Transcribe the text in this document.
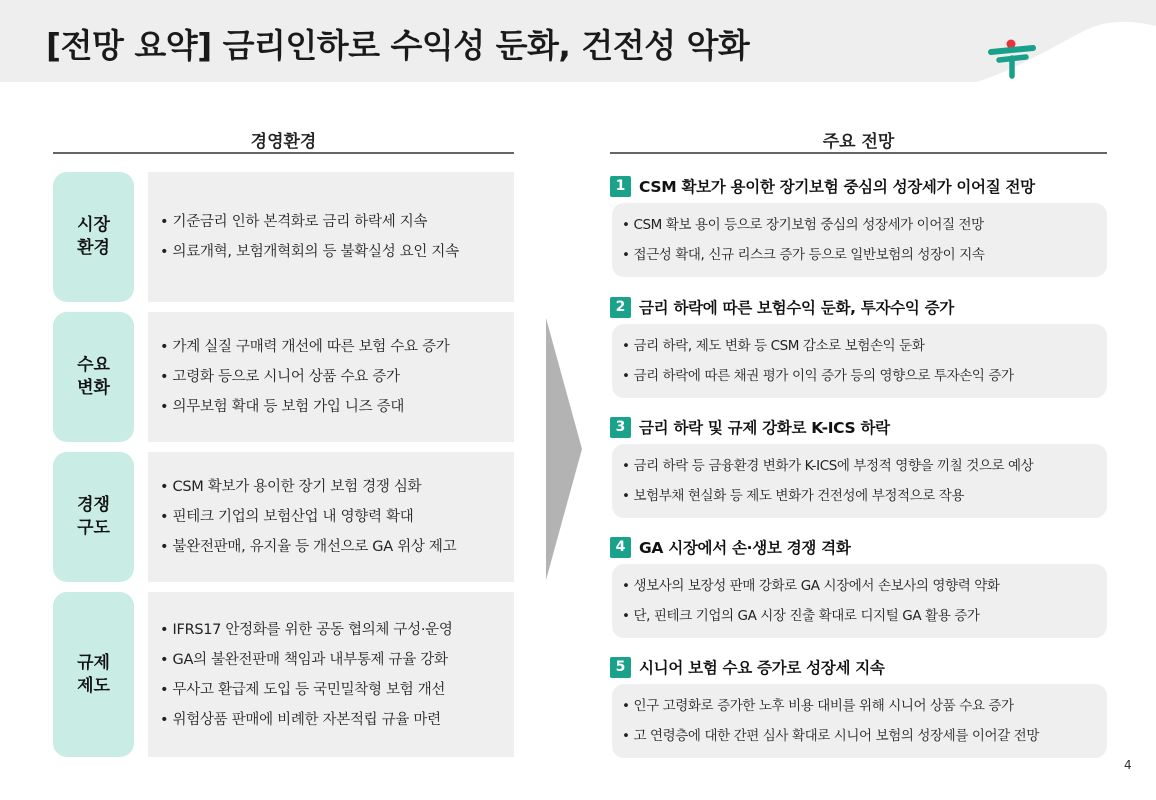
[전망 요약] 금리인하로 수익성 둔화, 건전성 악화
경영환경
시장
환경
• 기준금리 인하 본격화로 금리 하락세 지속
• 의료개혁, 보험개혁회의 등 불확실성 요인 지속
수요
변화
• 가계 실질 구매력 개선에 따른 보험 수요 증가
• 고령화 등으로 시니어 상품 수요 증가
• 의무보험 확대 등 보험 가입 니즈 증대
경쟁
구도
• CSM 확보가 용이한 장기 보험 경쟁 심화
• 핀테크 기업의 보험산업 내 영향력 확대
• 불완전판매, 유지율 등 개선으로 GA 위상 제고
규제
제도
• IFRS17 안정화를 위한 공동 협의체 구성·운영
• GA의 불완전판매 책임과 내부통제 규율 강화
• 무사고 환급제 도입 등 국민밀착형 보험 개선
• 위험상품 판매에 비례한 자본적립 규율 마련
주요 전망
1 CSM 확보가 용이한 장기보험 중심의 성장세가 이어질 전망
• CSM 확보 용이 등으로 장기보험 중심의 성장세가 이어질 전망
• 접근성 확대, 신규 리스크 증가 등으로 일반보험의 성장이 지속
2 금리 하락에 따른 보험수익 둔화, 투자수익 증가
• 금리 하락, 제도 변화 등 CSM 감소로 보험손익 둔화
• 금리 하락에 따른 채권 평가 이익 증가 등의 영향으로 투자손익 증가
3 금리 하락 및 규제 강화로 K-ICS 하락
• 금리 하락 등 금융환경 변화가 K-ICS에 부정적 영향을 끼칠 것으로 예상
• 보험부채 현실화 등 제도 변화가 건전성에 부정적으로 작용
4 GA 시장에서 손·생보 경쟁 격화
• 생보사의 보장성 판매 강화로 GA 시장에서 손보사의 영향력 약화
• 단, 핀테크 기업의 GA 시장 진출 확대로 디지털 GA 활용 증가
5 시니어 보험 수요 증가로 성장세 지속
• 인구 고령화로 증가한 노후 비용 대비를 위해 시니어 상품 수요 증가
• 고 연령층에 대한 간편 심사 확대로 시니어 보험의 성장세를 이어갈 전망
4
